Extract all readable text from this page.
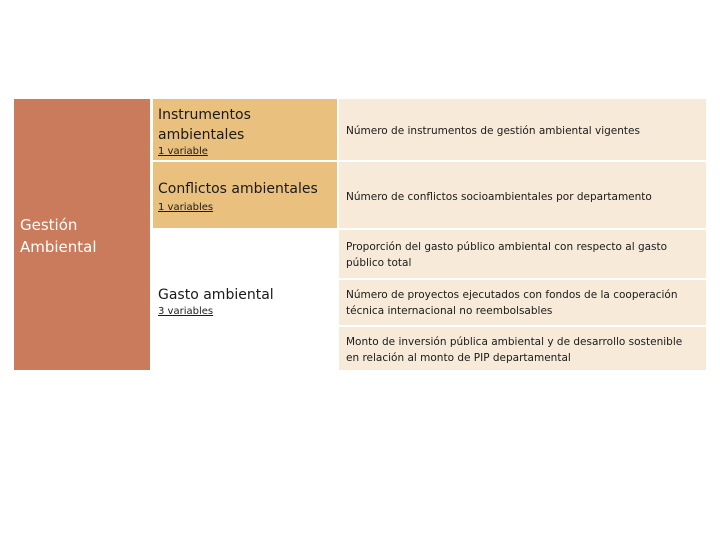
Gestión
Ambiental
Instrumentos
ambientales
1 variable
Conflictos ambientales
1 variables
Gasto ambiental
3 variables
Número de instrumentos de gestión ambiental vigentes
Número de conflictos socioambientales por departamento
Proporción del gasto público ambiental con respecto al gasto público total
Número de proyectos ejecutados con fondos de la cooperación técnica internacional no reembolsables
Monto de inversión pública ambiental y de desarrollo sostenible en relación al monto de PIP departamental
